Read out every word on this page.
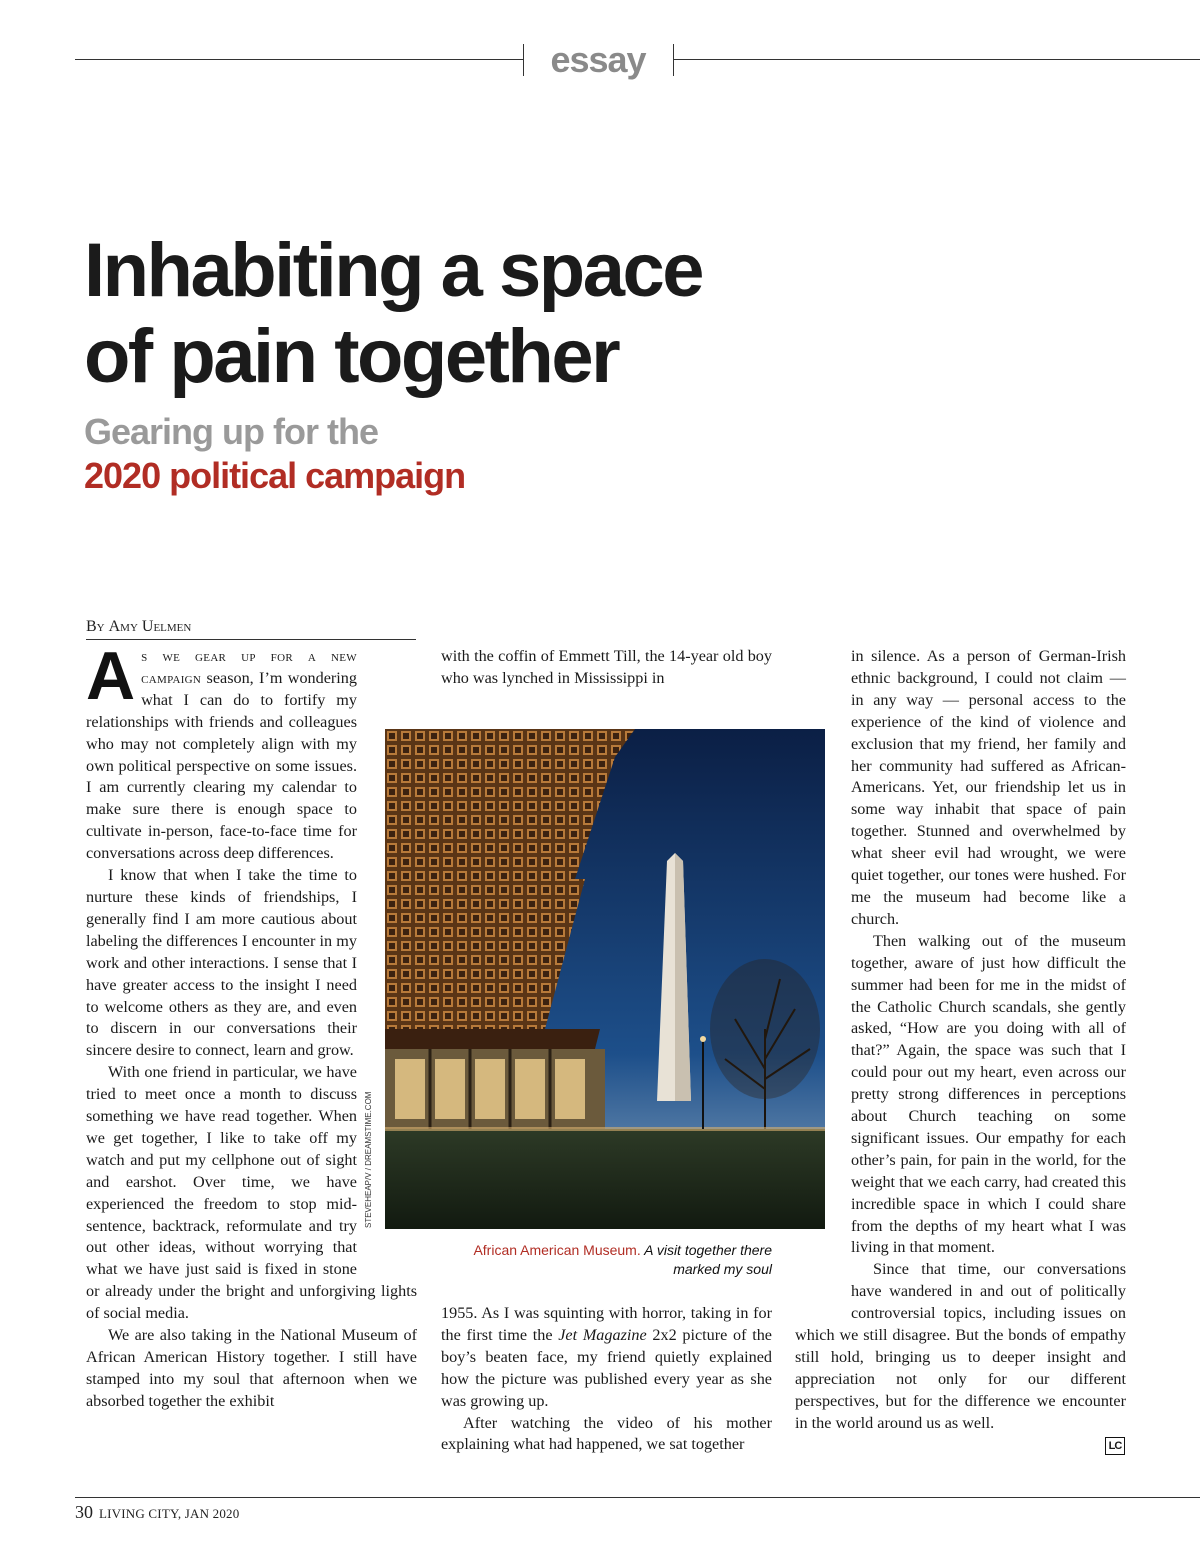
essay
Inhabiting a space
of pain together
Gearing up for the
2020 political campaign
By Amy Uelmen

As we gear up for a new campaign season, I’m wondering what I can do to fortify my relationships with friends and colleagues who may not completely align with my own political perspective on some issues. I am currently clearing my calendar to make sure there is enough space to cultivate in-person, face-to-face time for conversations across deep differences.

I know that when I take the time to nurture these kinds of friendships, I generally find I am more cautious about labeling the differences I encounter in my work and other interactions. I sense that I have greater access to the insight I need to welcome others as they are, and even to discern in our conversations their sincere desire to connect, learn and grow.

With one friend in particular, we have tried to meet once a month to discuss something we have read together. When we get together, I like to take off my watch and put my cellphone out of sight and earshot. Over time, we have experienced the freedom to stop mid-sentence, backtrack, reformulate and try out other ideas, without worrying that what we have just said is fixed in stone or already under the bright and unforgiving lights of social media.

We are also taking in the National Museum of African American History together. I still have stamped into my soul that afternoon when we absorbed together the exhibit

with the coffin of Emmett Till, the 14-year old boy who was lynched in Mississippi in

1955. As I was squinting with horror, taking in for the first time the Jet Magazine 2x2 picture of the boy’s beaten face, my friend quietly explained how the picture was published every year as she was growing up.

After watching the video of his mother explaining what had happened, we sat together

in silence. As a person of German-Irish ethnic background, I could not claim — in any way — personal access to the experience of the kind of violence and exclusion that my friend, her family and her community had suffered as African-Americans. Yet, our friendship let us in some way inhabit that space of pain together. Stunned and overwhelmed by what sheer evil had wrought, we were quiet together, our tones were hushed. For me the museum had become like a church.

Then walking out of the museum together, aware of just how difficult the summer had been for me in the midst of the Catholic Church scandals, she gently asked, “How are you doing with all of that?” Again, the space was such that I could pour out my heart, even across our pretty strong differences in perceptions about Church teaching on some significant issues. Our empathy for each other’s pain, for pain in the world, for the weight that we each carry, had created this incredible space in which I could share from the depths of my heart what I was living in that moment.

Since that time, our conversations have wandered in and out of politically controversial topics, including issues on which we still disagree. But the bonds of empathy still hold, bringing us to deeper insight and appreciation not only for our different perspectives, but for the difference we encounter in the world around us as well.

STEVEHEAP/V / DREAMSTIME.COM
African American Museum. A visit together there marked my soul
LC
30 LIVING CITY, JAN 2020
